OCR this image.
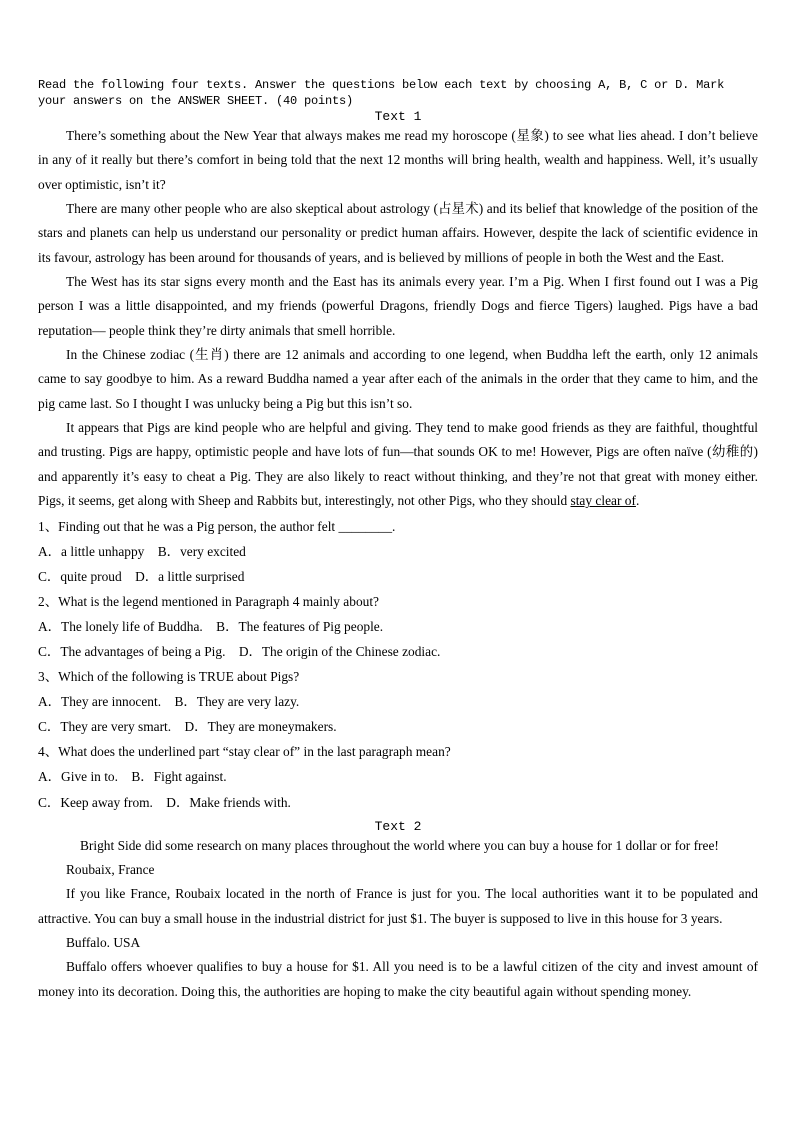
Read the following four texts. Answer the questions below each text by choosing A, B, C or D. Mark your answers on the ANSWER SHEET. (40 points)

Text 1

There’s something about the New Year that always makes me read my horoscope (星象) to see what lies ahead. I don’t believe in any of it really but there’s comfort in being told that the next 12 months will bring health, wealth and happiness. Well, it’s usually over optimistic, isn’t it?

There are many other people who are also skeptical about astrology (占星术) and its belief that knowledge of the position of the stars and planets can help us understand our personality or predict human affairs. However, despite the lack of scientific evidence in its favour, astrology has been around for thousands of years, and is believed by millions of people in both the West and the East.

The West has its star signs every month and the East has its animals every year. I’m a Pig. When I first found out I was a Pig person I was a little disappointed, and my friends (powerful Dragons, friendly Dogs and fierce Tigers) laughed. Pigs have a bad reputation— people think they’re dirty animals that smell horrible.

In the Chinese zodiac (生肖) there are 12 animals and according to one legend, when Buddha left the earth, only 12 animals came to say goodbye to him. As a reward Buddha named a year after each of the animals in the order that they came to him, and the pig came last. So I thought I was unlucky being a Pig but this isn’t so.

It appears that Pigs are kind people who are helpful and giving. They tend to make good friends as they are faithful, thoughtful and trusting. Pigs are happy, optimistic people and have lots of fun—that sounds OK to me! However, Pigs are often naïve (幼稚的) and apparently it’s easy to cheat a Pig. They are also likely to react without thinking, and they’re not that great with money either. Pigs, it seems, get along with Sheep and Rabbits but, interestingly, not other Pigs, who they should stay clear of.

1、Finding out that he was a Pig person, the author felt ________.

A．a little unhappy　B．very excited

C．quite proud　D．a little surprised

2、What is the legend mentioned in Paragraph 4 mainly about?

A．The lonely life of Buddha.　B．The features of Pig people.

C．The advantages of being a Pig.　D．The origin of the Chinese zodiac.

3、Which of the following is TRUE about Pigs?

A．They are innocent.　B．They are very lazy.

C．They are very smart.　D．They are moneymakers.

4、What does the underlined part “stay clear of” in the last paragraph mean?

A．Give in to.　B．Fight against.

C．Keep away from.　D．Make friends with.

Text 2

Bright Side did some research on many places throughout the world where you can buy a house for 1 dollar or for free!

Roubaix, France

If you like France, Roubaix located in the north of France is just for you. The local authorities want it to be populated and attractive. You can buy a small house in the industrial district for just $1. The buyer is supposed to live in this house for 3 years.

Buffalo. USA

Buffalo offers whoever qualifies to buy a house for $1. All you need is to be a lawful citizen of the city and invest amount of money into its decoration. Doing this, the authorities are hoping to make the city beautiful again without spending money.
